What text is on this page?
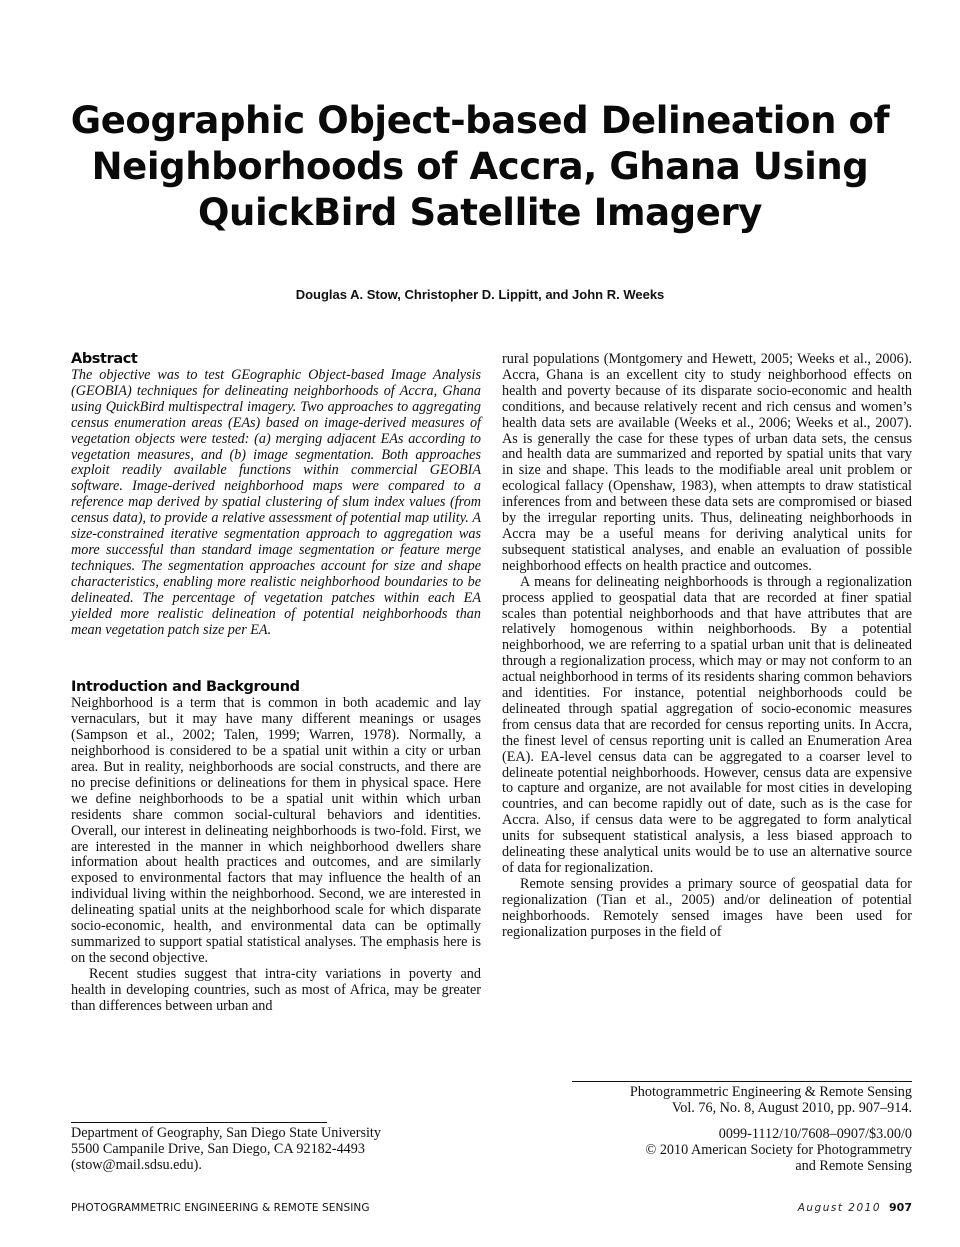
Geographic Object-based Delineation of
Neighborhoods of Accra, Ghana Using
QuickBird Satellite Imagery
Douglas A. Stow, Christopher D. Lippitt, and John R. Weeks
Abstract

The objective was to test GEographic Object-based Image Analysis (GEOBIA) techniques for delineating neighborhoods of Accra, Ghana using QuickBird multispectral imagery. Two approaches to aggregating census enumeration areas (EAs) based on image-derived measures of vegetation objects were tested: (a) merging adjacent EAs according to vegetation measures, and (b) image segmentation. Both approaches exploit readily available functions within commercial GEOBIA software. Image-derived neighborhood maps were compared to a reference map derived by spatial clustering of slum index values (from census data), to provide a relative assessment of potential map utility. A size-constrained iterative segmentation approach to aggregation was more successful than standard image segmentation or feature merge techniques. The segmentation approaches account for size and shape characteristics, enabling more realistic neighborhood boundaries to be delineated. The percentage of vegetation patches within each EA yielded more realistic delineation of potential neighborhoods than mean vegetation patch size per EA.

Introduction and Background

Neighborhood is a term that is common in both academic and lay vernaculars, but it may have many different meanings or usages (Sampson et al., 2002; Talen, 1999; Warren, 1978). Normally, a neighborhood is considered to be a spatial unit within a city or urban area. But in reality, neighborhoods are social constructs, and there are no precise definitions or delineations for them in physical space. Here we define neighborhoods to be a spatial unit within which urban residents share common social-cultural behaviors and identities. Overall, our interest in delineating neighborhoods is two-fold. First, we are interested in the manner in which neighborhood dwellers share information about health practices and outcomes, and are similarly exposed to environmental factors that may influence the health of an individual living within the neighborhood. Second, we are interested in delineating spatial units at the neighborhood scale for which disparate socio-economic, health, and environmental data can be optimally summarized to support spatial statistical analyses. The emphasis here is on the second objective.

Recent studies suggest that intra-city variations in poverty and health in developing countries, such as most of Africa, may be greater than differences between urban and

rural populations (Montgomery and Hewett, 2005; Weeks et al., 2006). Accra, Ghana is an excellent city to study neighborhood effects on health and poverty because of its disparate socio-economic and health conditions, and because relatively recent and rich census and women’s health data sets are available (Weeks et al., 2006; Weeks et al., 2007). As is generally the case for these types of urban data sets, the census and health data are summarized and reported by spatial units that vary in size and shape. This leads to the modifiable areal unit problem or ecological fallacy (Openshaw, 1983), when attempts to draw statistical inferences from and between these data sets are compromised or biased by the irregular reporting units. Thus, delineating neighborhoods in Accra may be a useful means for deriving analytical units for subsequent statistical analyses, and enable an evaluation of possible neighborhood effects on health practice and outcomes.

A means for delineating neighborhoods is through a regionalization process applied to geospatial data that are recorded at finer spatial scales than potential neighborhoods and that have attributes that are relatively homogenous within neighborhoods. By a potential neighborhood, we are referring to a spatial urban unit that is delineated through a regionalization process, which may or may not conform to an actual neighborhood in terms of its residents sharing common behaviors and identities. For instance, potential neighborhoods could be delineated through spatial aggregation of socio-economic measures from census data that are recorded for census reporting units. In Accra, the finest level of census reporting unit is called an Enumeration Area (EA). EA-level census data can be aggregated to a coarser level to delineate potential neighborhoods. However, census data are expensive to capture and organize, are not available for most cities in developing countries, and can become rapidly out of date, such as is the case for Accra. Also, if census data were to be aggregated to form analytical units for subsequent statistical analysis, a less biased approach to delineating these analytical units would be to use an alternative source of data for regionalization.

Remote sensing provides a primary source of geospatial data for regionalization (Tian et al., 2005) and/or delineation of potential neighborhoods. Remotely sensed images have been used for regionalization purposes in the field of

Photogrammetric Engineering & Remote Sensing
Vol. 76, No. 8, August 2010, pp. 907–914.
0099-1112/10/7608–0907/$3.00/0
© 2010 American Society for Photogrammetry
and Remote Sensing
Department of Geography, San Diego State University
5500 Campanile Drive, San Diego, CA 92182-4493
(stow@mail.sdsu.edu).
PHOTOGRAMMETRIC ENGINEERING & REMOTE SENSING	August 2010 907
